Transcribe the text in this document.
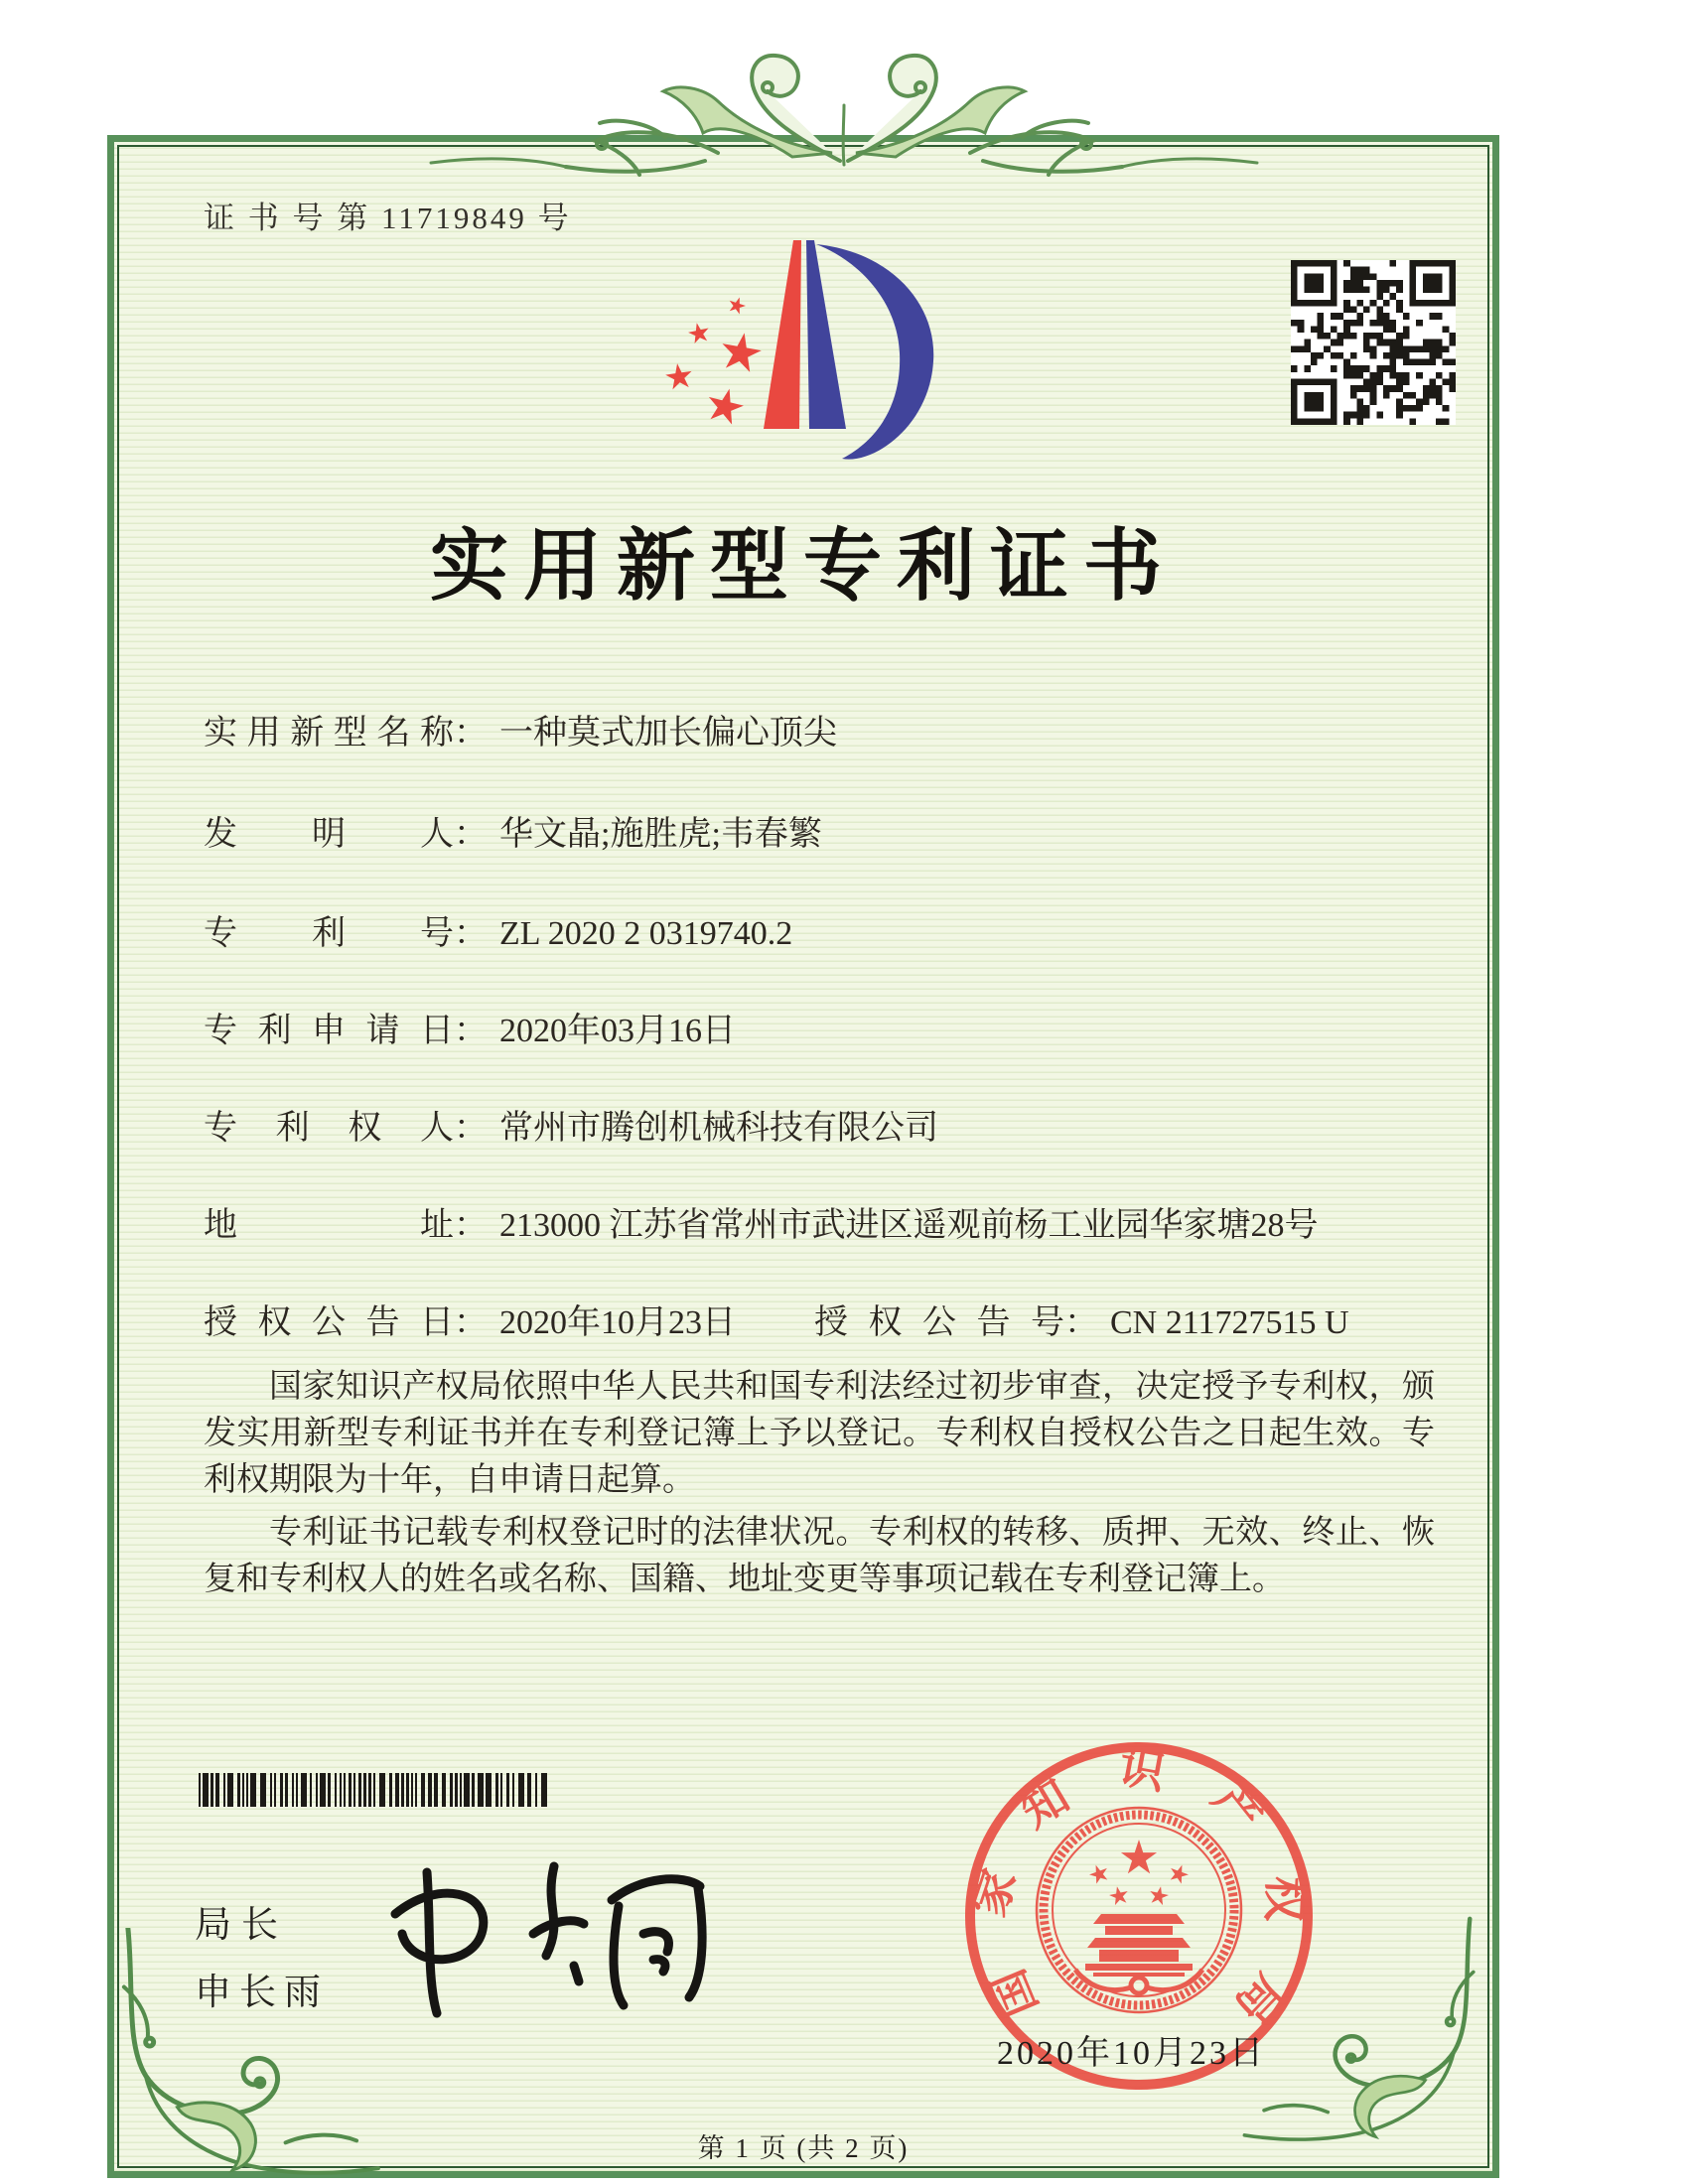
证 书 号 第 11719849 号
实用新型专利证书
实用新型名称： 一种莫式加长偏心顶尖
发明人： 华文晶;施胜虎;韦春繁
专利号： ZL 2020 2 0319740.2
专利申请日： 2020年03月16日
专利权人： 常州市腾创机械科技有限公司
地址： 213000 江苏省常州市武进区遥观前杨工业园华家塘28号
授权公告日： 2020年10月23日 授权公告号： CN 211727515 U

国家知识产权局依照中华人民共和国专利法经过初步审查，决定授予专利权，颁发实用新型专利证书并在专利登记簿上予以登记。专利权自授权公告之日起生效。专利权期限为十年，自申请日起算。

专利证书记载专利权登记时的法律状况。专利权的转移、质押、无效、终止、恢复和专利权人的姓名或名称、国籍、地址变更等事项记载在专利登记簿上。

局长
申长雨	国家知识产权局
2020年10月23日
第 1 页 (共 2 页)
